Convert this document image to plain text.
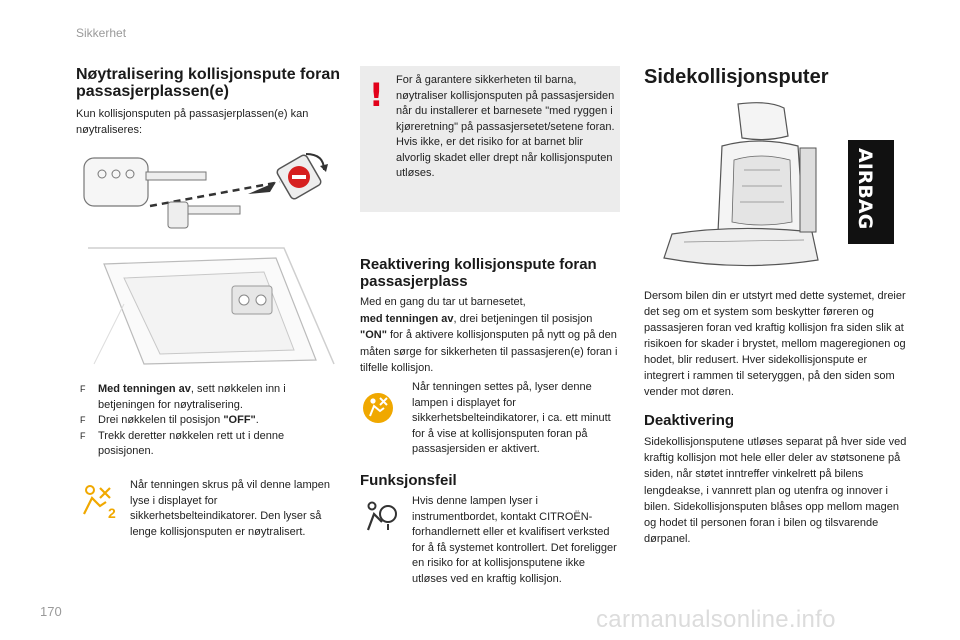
Sikkerhet
170	carmanualsonline.info
Nøytralisering kollisjonspute foran passasjerplassen(e)

Kun kollisjonsputen på passasjerplassen(e) kan nøytraliseres:

F Med tenningen av, sett nøkkelen inn i betjeningen for nøytralisering.
F Drei nøkkelen til posisjon "OFF".
F Trekk deretter nøkkelen rett ut i denne posisjonen.
2

Når tenningen skrus på vil denne lampen lyse i displayet for sikkerhetsbelteindikatorer. Den lyser så lenge kollisjonsputen er nøytralisert.

! For å garantere sikkerheten til barna, nøytraliser kollisjonsputen på passasjersiden når du installerer et barnesete "med ryggen i kjøreretning" på passasjersetet/setene foran. Hvis ikke, er det risiko for at barnet blir alvorlig skadet eller drept når kollisjonsputen utløses.

Reaktivering kollisjonspute foran passasjerplass

Med en gang du tar ut barnesetet,
med tenningen av, drei betjeningen til posisjon "ON" for å aktivere kollisjonsputen på nytt og på den måten sørge for sikkerheten til passasjeren(e) foran i tilfelle kollisjon.

Når tenningen settes på, lyser denne lampen i displayet for sikkerhetsbelteindikatorer, i ca. ett minutt for å vise at kollisjonsputen foran på passasjersiden er aktivert.

Funksjonsfeil

Hvis denne lampen lyser i instrumentbordet, kontakt CITROËN-forhandlernett eller et kvalifisert verksted for å få systemet kontrollert. Det foreligger en risiko for at kollisjonsputene ikke utløses ved en kraftig kollisjon.

Sidekollisjonsputer
AIRBAG

Dersom bilen din er utstyrt med dette systemet, dreier det seg om et system som beskytter føreren og passasjeren foran ved kraftig kollisjon fra siden slik at risikoen for skader i brystet, mellom mageregionen og hodet, blir redusert. Hver sidekollisjonspute er integrert i rammen til seteryggen, på den siden som vender mot døren.

Deaktivering

Sidekollisjonsputene utløses separat på hver side ved kraftig kollisjon mot hele eller deler av støtsonene på siden, når støtet inntreffer vinkelrett på bilens lengdeakse, i vannrett plan og utenfra og innover i bilen. Sidekollisjonsputen blåses opp mellom magen og hodet til personen foran i bilen og tilsvarende dørpanel.
